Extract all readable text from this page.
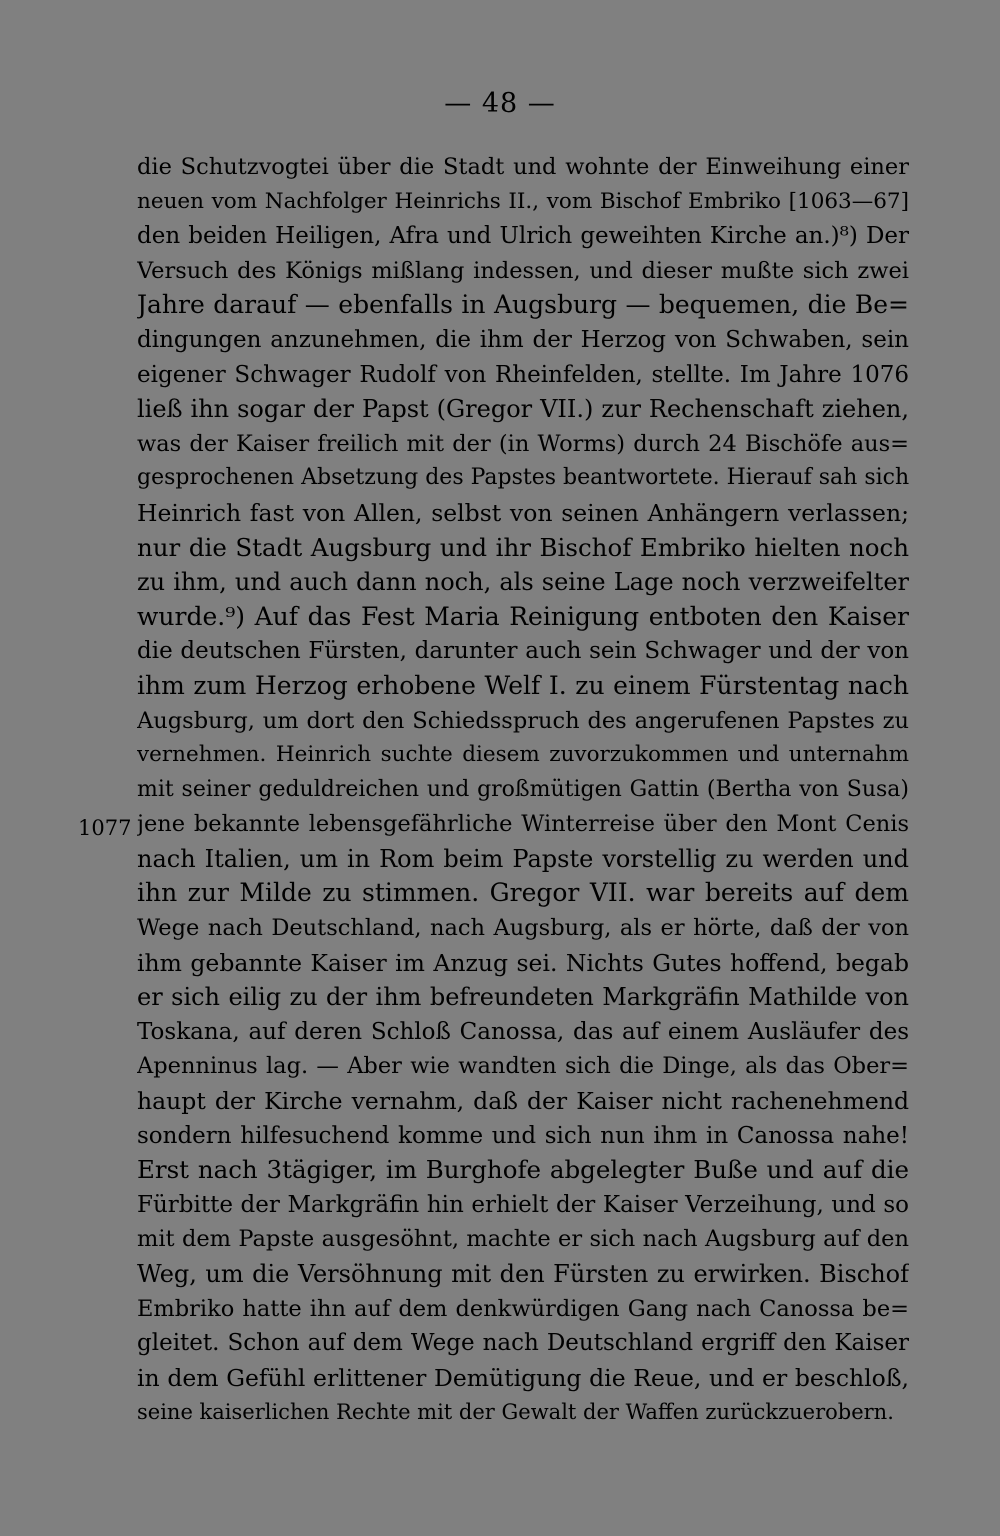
— 48 —
1077
die Schutzvogtei über die Stadt und wohnte der Einweihung einer
neuen vom Nachfolger Heinrichs II., vom Bischof Embriko [1063—67]
den beiden Heiligen, Afra und Ulrich geweihten Kirche an.)⁸) Der
Versuch des Königs mißlang indessen, und dieser mußte sich zwei
Jahre darauf — ebenfalls in Augsburg — bequemen, die Be=
dingungen anzunehmen, die ihm der Herzog von Schwaben, sein
eigener Schwager Rudolf von Rheinfelden, stellte. Im Jahre 1076
ließ ihn sogar der Papst (Gregor VII.) zur Rechenschaft ziehen,
was der Kaiser freilich mit der (in Worms) durch 24 Bischöfe aus=
gesprochenen Absetzung des Papstes beantwortete. Hierauf sah sich
Heinrich fast von Allen, selbst von seinen Anhängern verlassen;
nur die Stadt Augsburg und ihr Bischof Embriko hielten noch
zu ihm, und auch dann noch, als seine Lage noch verzweifelter
wurde.⁹) Auf das Fest Maria Reinigung entboten den Kaiser
die deutschen Fürsten, darunter auch sein Schwager und der von
ihm zum Herzog erhobene Welf I. zu einem Fürstentag nach
Augsburg, um dort den Schiedsspruch des angerufenen Papstes zu
vernehmen. Heinrich suchte diesem zuvorzukommen und unternahm
mit seiner geduldreichen und großmütigen Gattin (Bertha von Susa)
jene bekannte lebensgefährliche Winterreise über den Mont Cenis
nach Italien, um in Rom beim Papste vorstellig zu werden und
ihn zur Milde zu stimmen. Gregor VII. war bereits auf dem
Wege nach Deutschland, nach Augsburg, als er hörte, daß der von
ihm gebannte Kaiser im Anzug sei. Nichts Gutes hoffend, begab
er sich eilig zu der ihm befreundeten Markgräfin Mathilde von
Toskana, auf deren Schloß Canossa, das auf einem Ausläufer des
Apenninus lag. — Aber wie wandten sich die Dinge, als das Ober=
haupt der Kirche vernahm, daß der Kaiser nicht rachenehmend
sondern hilfesuchend komme und sich nun ihm in Canossa nahe!
Erst nach 3tägiger, im Burghofe abgelegter Buße und auf die
Fürbitte der Markgräfin hin erhielt der Kaiser Verzeihung, und so
mit dem Papste ausgesöhnt, machte er sich nach Augsburg auf den
Weg, um die Versöhnung mit den Fürsten zu erwirken. Bischof
Embriko hatte ihn auf dem denkwürdigen Gang nach Canossa be=
gleitet. Schon auf dem Wege nach Deutschland ergriff den Kaiser
in dem Gefühl erlittener Demütigung die Reue, und er beschloß,
seine kaiserlichen Rechte mit der Gewalt der Waffen zurückzuerobern.
